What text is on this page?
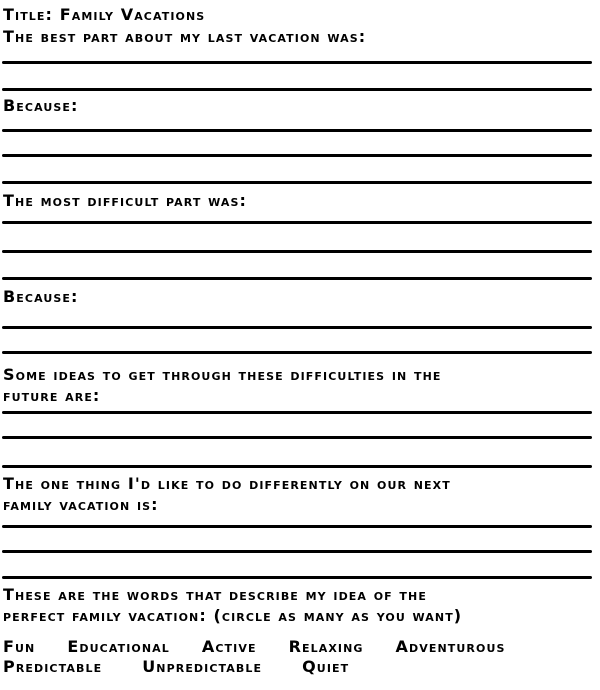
Title: Family Vacations
The best part about my last vacation was:
Because:
The most difficult part was:
Because:
Some ideas to get through these difficulties in the
future are:
The one thing I'd like to do differently on our next
family vacation is:
These are the words that describe my idea of the
perfect family vacation: (circle as many as you want)
Fun Educational Active Relaxing Adventurous
Predictable	Unpredictable	Quiet
